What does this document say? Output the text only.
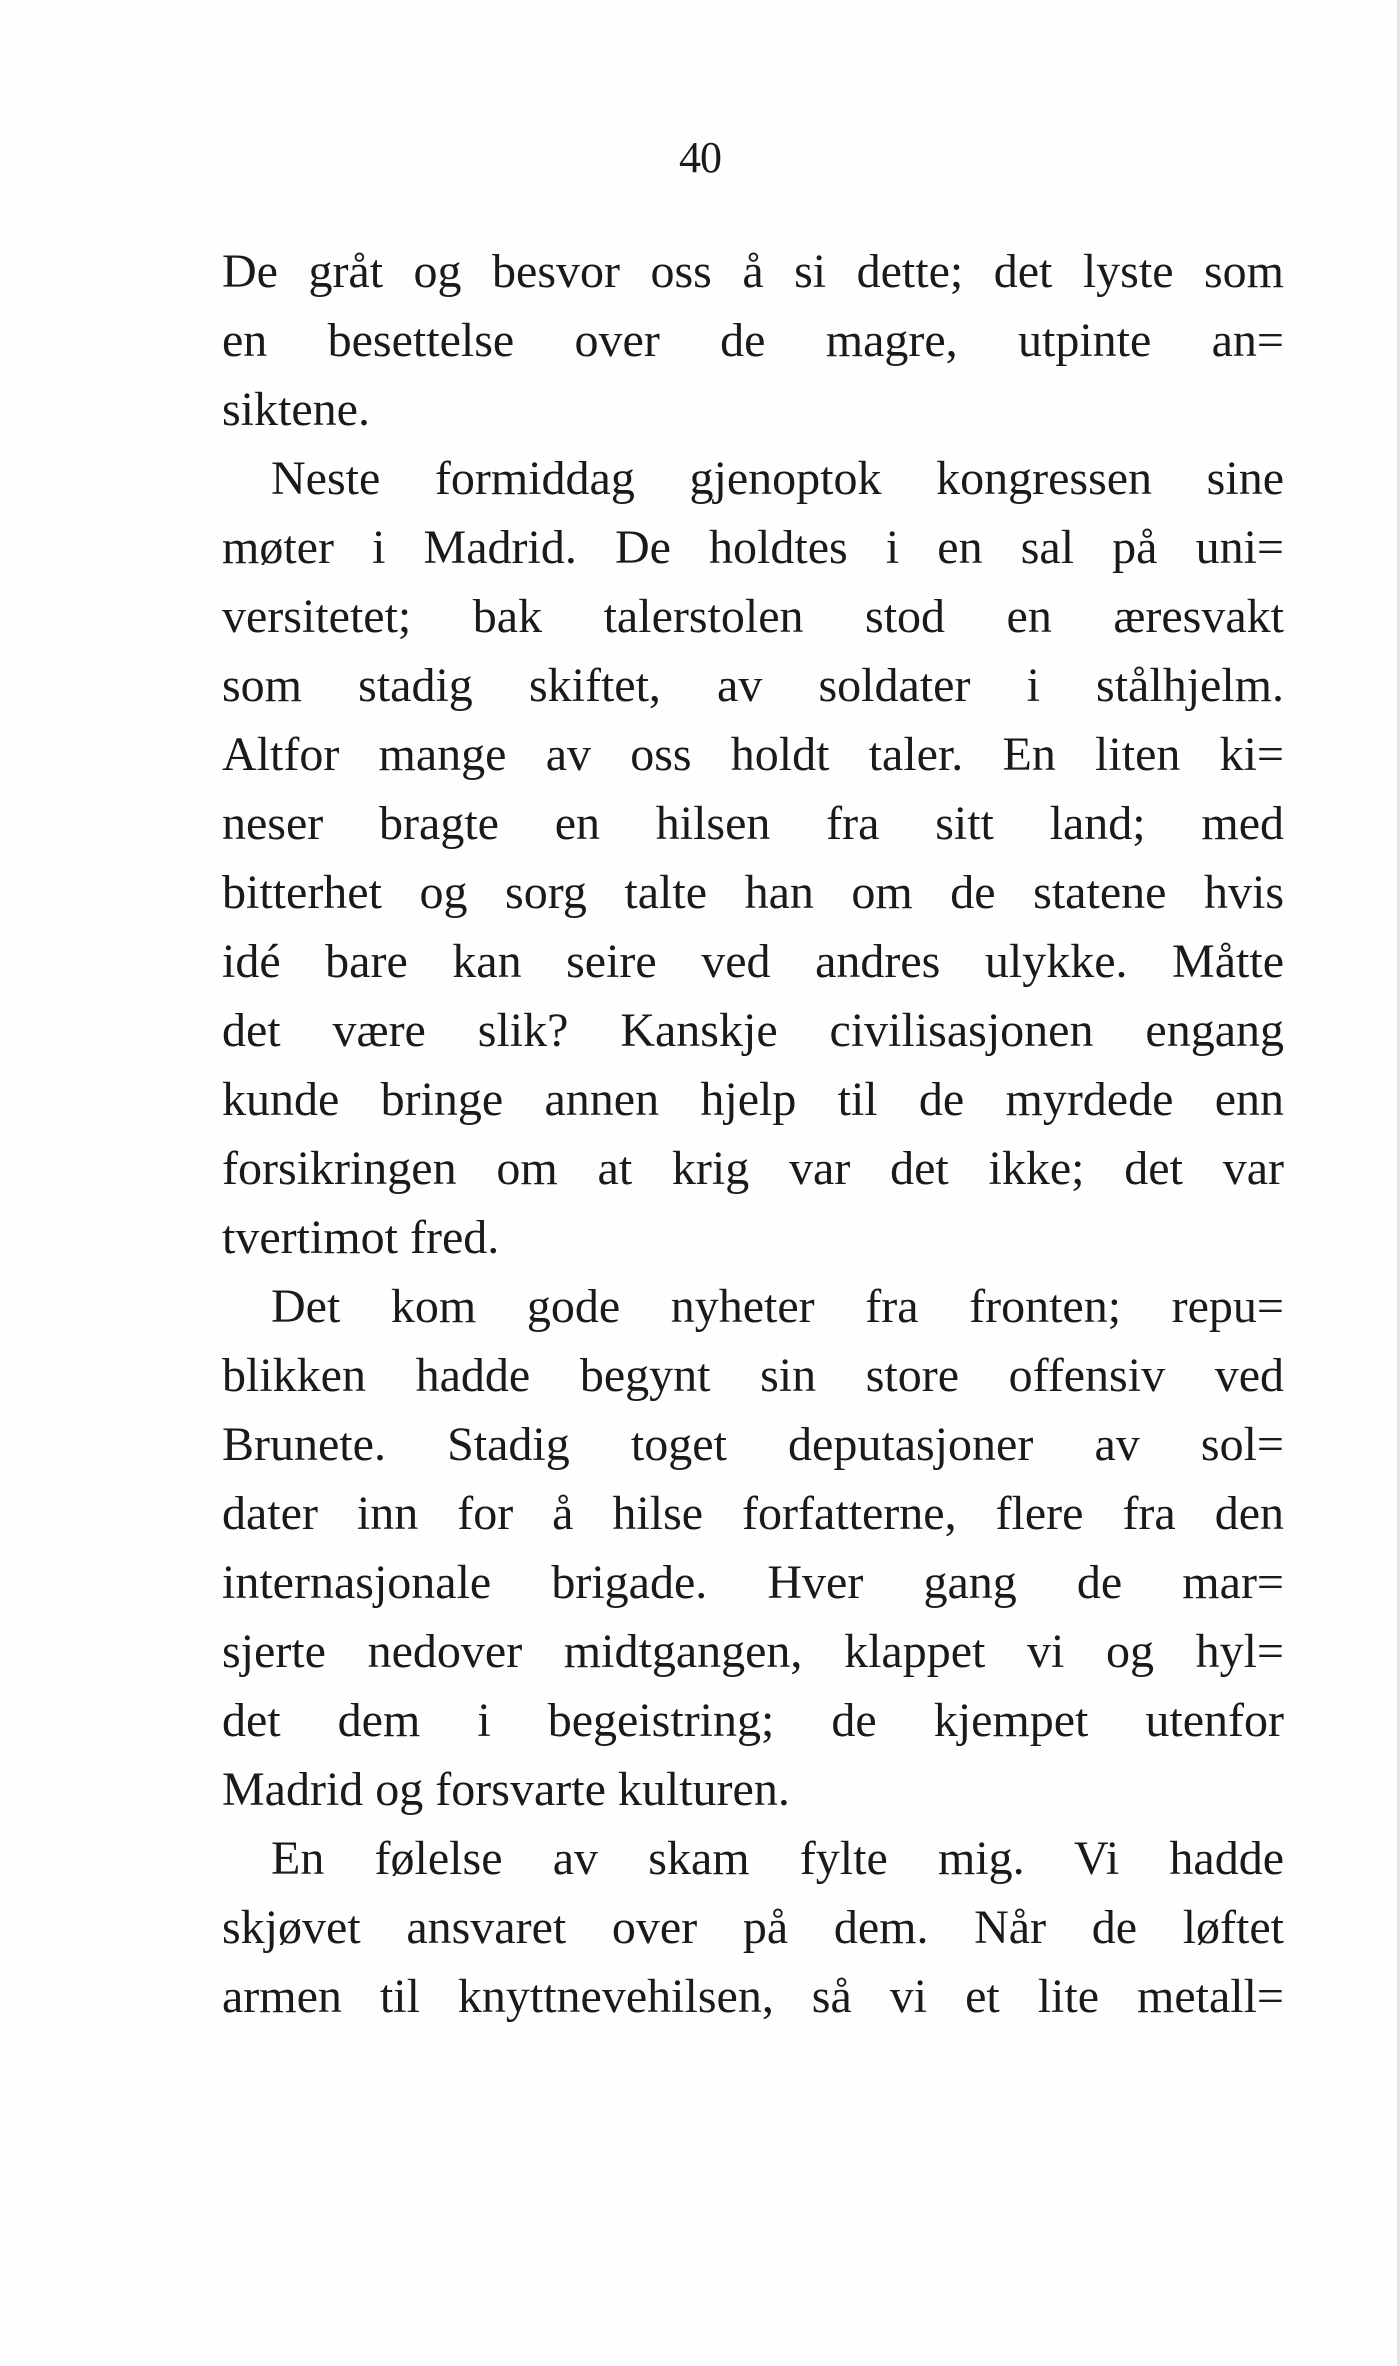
40
De gråt og besvor oss å si dette; det lyste som
en besettelse over de magre, utpinte an=
siktene.
Neste formiddag gjenoptok kongressen sine
møter i Madrid. De holdtes i en sal på uni=
versitetet; bak talerstolen stod en æresvakt
som stadig skiftet, av soldater i stålhjelm.
Altfor mange av oss holdt taler. En liten ki=
neser bragte en hilsen fra sitt land; med
bitterhet og sorg talte han om de statene hvis
idé bare kan seire ved andres ulykke. Måtte
det være slik? Kanskje civilisasjonen engang
kunde bringe annen hjelp til de myrdede enn
forsikringen om at krig var det ikke; det var
tvertimot fred.
Det kom gode nyheter fra fronten; repu=
blikken hadde begynt sin store offensiv ved
Brunete. Stadig toget deputasjoner av sol=
dater inn for å hilse forfatterne, flere fra den
internasjonale brigade. Hver gang de mar=
sjerte nedover midtgangen, klappet vi og hyl=
det dem i begeistring; de kjempet utenfor
Madrid og forsvarte kulturen.
En følelse av skam fylte mig. Vi hadde
skjøvet ansvaret over på dem. Når de løftet
armen til knyttnevehilsen, så vi et lite metall=
